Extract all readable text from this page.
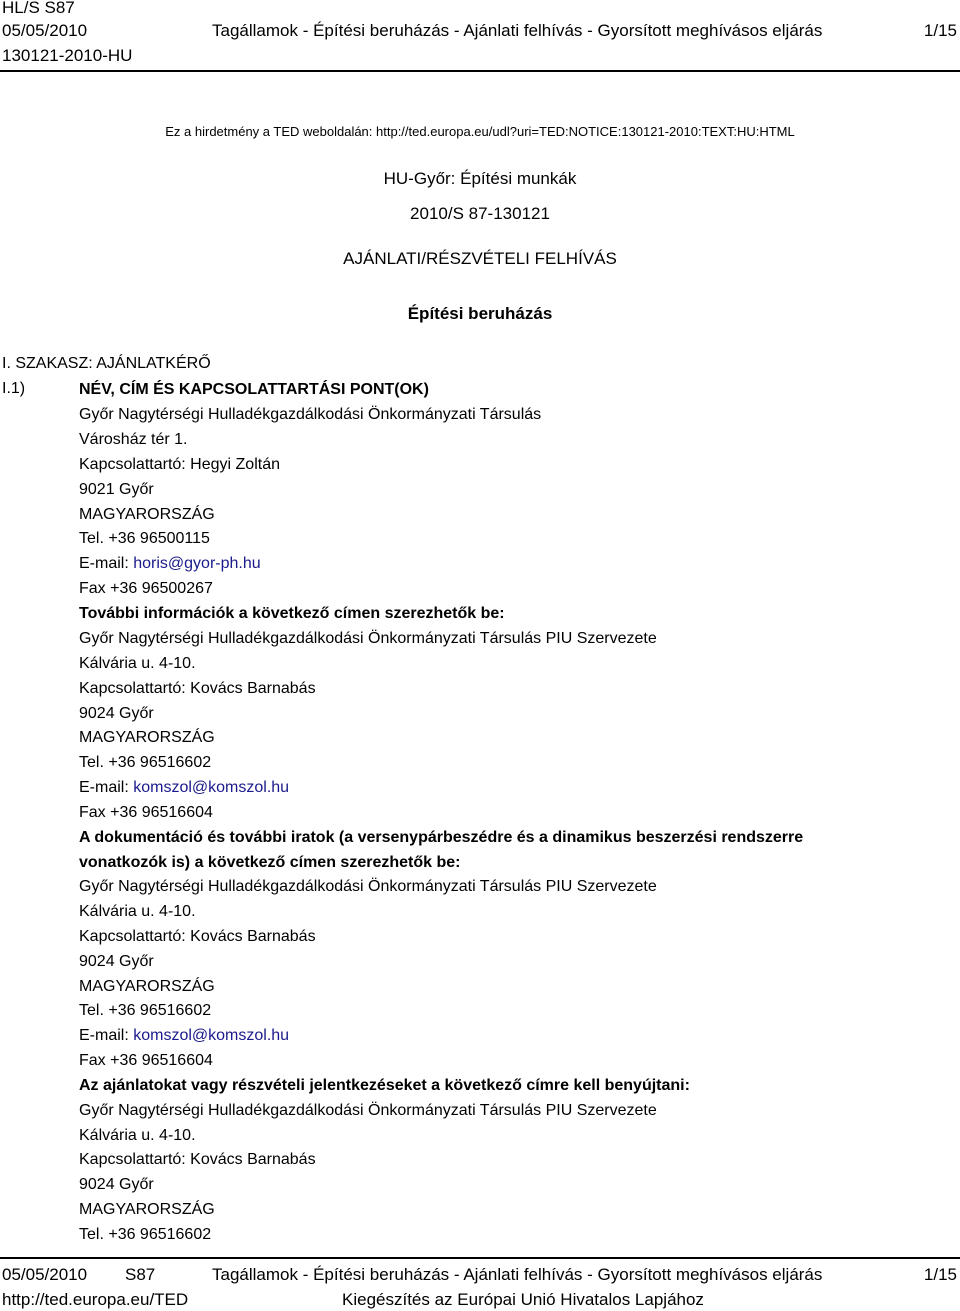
HL/S S87
05/05/2010
130121-2010-HU
Tagállamok - Építési beruházás - Ajánlati felhívás - Gyorsított meghívásos eljárás	1/15
Ez a hirdetmény a TED weboldalán: http://ted.europa.eu/udl?uri=TED:NOTICE:130121-2010:TEXT:HU:HTML
HU-Győr: Építési munkák
2010/S 87-130121
AJÁNLATI/RÉSZVÉTELI FELHÍVÁS
Építési beruházás
I. SZAKASZ: AJÁNLATKÉRŐ
I.1)	NÉV, CÍM ÉS KAPCSOLATTARTÁSI PONT(OK)
Győr Nagytérségi Hulladékgazdálkodási Önkormányzati Társulás
Városház tér 1.
Kapcsolattartó: Hegyi Zoltán
9021 Győr
MAGYARORSZÁG
Tel. +36 96500115
E-mail: horis@gyor-ph.hu
Fax +36 96500267
További információk a következő címen szerezhetők be:
Győr Nagytérségi Hulladékgazdálkodási Önkormányzati Társulás PIU Szervezete
Kálvária u. 4-10.
Kapcsolattartó: Kovács Barnabás
9024 Győr
MAGYARORSZÁG
Tel. +36 96516602
E-mail: komszol@komszol.hu
Fax +36 96516604
A dokumentáció és további iratok (a versenypárbeszédre és a dinamikus beszerzési rendszerre
vonatkozók is) a következő címen szerezhetők be:
Győr Nagytérségi Hulladékgazdálkodási Önkormányzati Társulás PIU Szervezete
Kálvária u. 4-10.
Kapcsolattartó: Kovács Barnabás
9024 Győr
MAGYARORSZÁG
Tel. +36 96516602
E-mail: komszol@komszol.hu
Fax +36 96516604
Az ajánlatokat vagy részvételi jelentkezéseket a következő címre kell benyújtani:
Győr Nagytérségi Hulladékgazdálkodási Önkormányzati Társulás PIU Szervezete
Kálvária u. 4-10.
Kapcsolattartó: Kovács Barnabás
9024 Győr
MAGYARORSZÁG
Tel. +36 96516602
05/05/2010 S87	Tagállamok - Építési beruházás - Ajánlati felhívás - Gyorsított meghívásos eljárás	1/15
http://ted.europa.eu/TED	Kiegészítés az Európai Unió Hivatalos Lapjához
